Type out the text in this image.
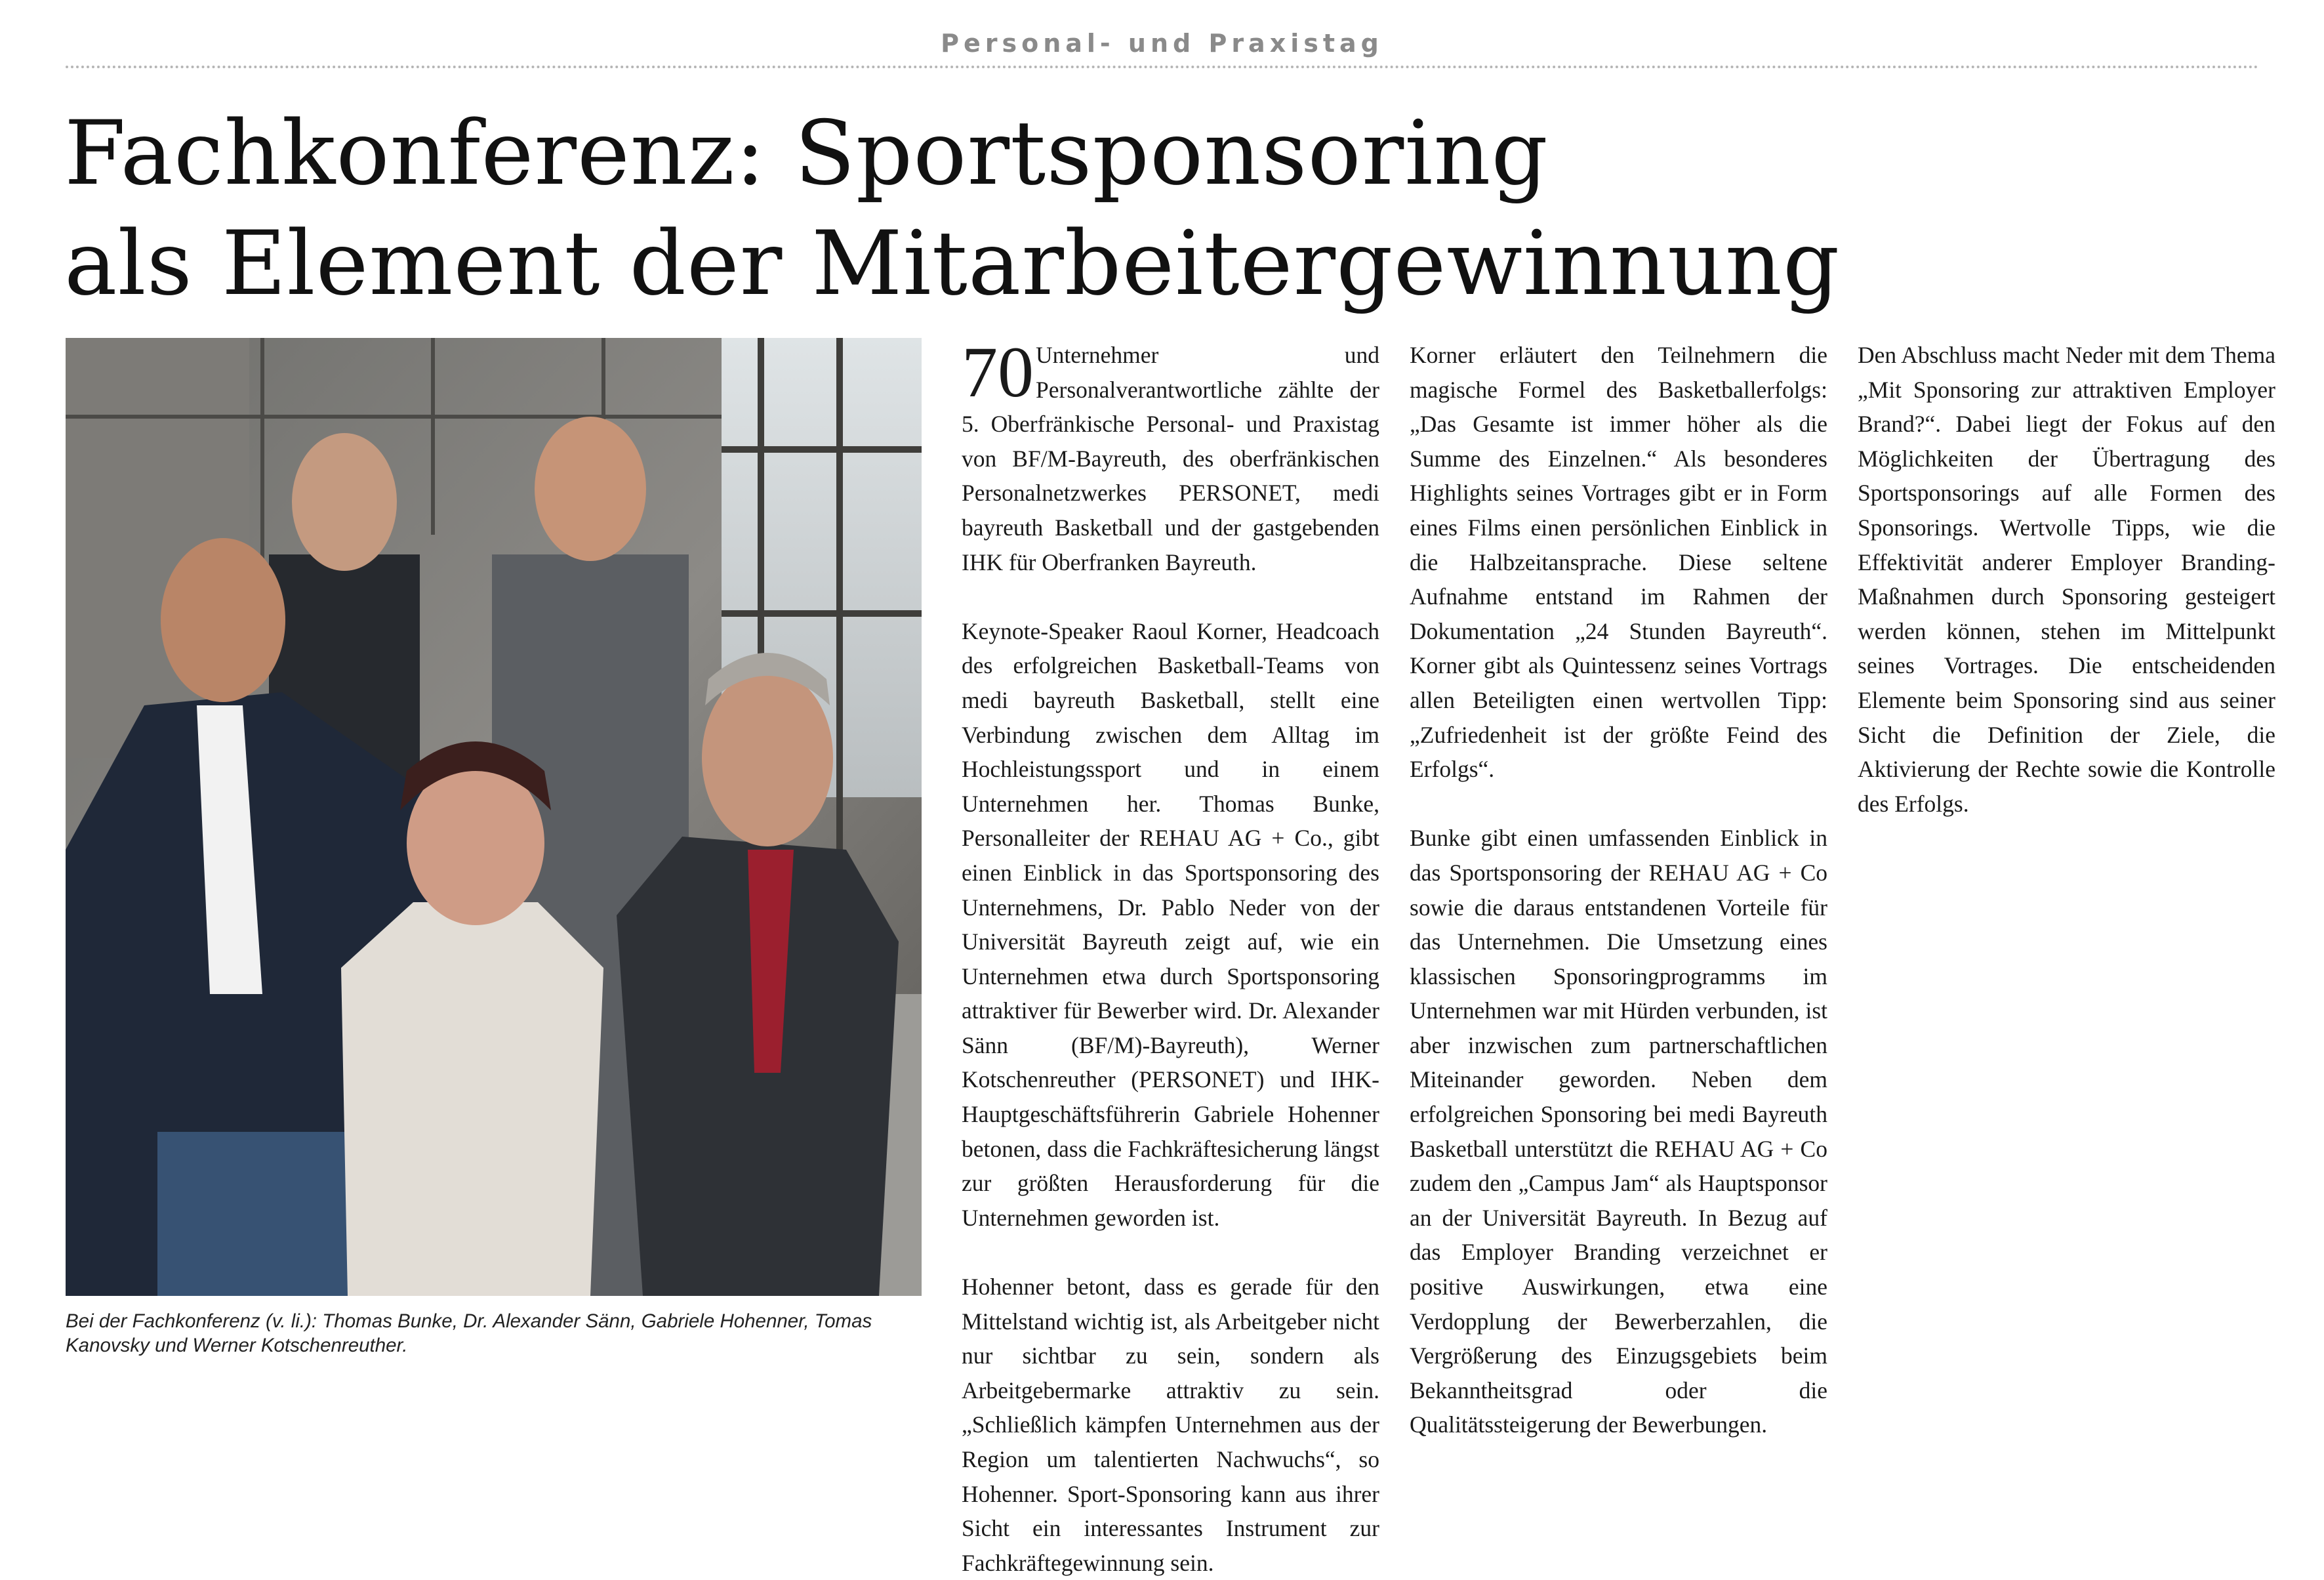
Personal- und Praxistag
Fachkonferenz: Sportsponsoring
als Element der Mitarbeitergewinnung

Bei der Fachkonferenz (v. li.): Thomas Bunke, Dr. Alexander Sänn, Gabriele Hohenner, Tomas Kanovsky und Werner Kotschenreuther.

70 Unternehmer und Personalverantwortliche zählte der 5. Oberfränkische Personal- und Praxistag von BF/M-Bayreuth, des oberfränkischen Personalnetzwerkes PERSONET, medi bayreuth Basketball und der gastgebenden IHK für Oberfranken Bayreuth.

Keynote-Speaker Raoul Korner, Headcoach des erfolgreichen Basketball-Teams von medi bayreuth Basketball, stellt eine Verbindung zwischen dem Alltag im Hochleistungssport und in einem Unternehmen her. Thomas Bunke, Personalleiter der REHAU AG + Co., gibt einen Einblick in das Sportsponsoring des Unternehmens, Dr. Pablo Neder von der Universität Bayreuth zeigt auf, wie ein Unternehmen etwa durch Sportsponsoring attraktiver für Bewerber wird. Dr. Alexander Sänn (BF/M)-Bayreuth), Werner Kotschenreuther (PERSONET) und IHK-Hauptgeschäftsführerin Gabriele Hohenner betonen, dass die Fachkräftesicherung längst zur größten Herausforderung für die Unternehmen geworden ist.

Hohenner betont, dass es gerade für den Mittelstand wichtig ist, als Arbeitgeber nicht nur sichtbar zu sein, sondern als Arbeitgebermarke attraktiv zu sein. „Schließlich kämpfen Unternehmen aus der Region um talentierten Nachwuchs“, so Hohenner. Sport-Sponsoring kann aus ihrer Sicht ein interessantes Instrument zur Fachkräftegewinnung sein.

Korner erläutert den Teilnehmern die magische Formel des Basketballerfolgs: „Das Gesamte ist immer höher als die Summe des Einzelnen.“ Als besonderes Highlights seines Vortrages gibt er in Form eines Films einen persönlichen Einblick in die Halbzeitansprache. Diese seltene Aufnahme entstand im Rahmen der Dokumentation „24 Stunden Bayreuth“. Korner gibt als Quintessenz seines Vortrags allen Beteiligten einen wertvollen Tipp: „Zufriedenheit ist der größte Feind des Erfolgs“.

Bunke gibt einen umfassenden Einblick in das Sportsponsoring der REHAU AG + Co sowie die daraus entstandenen Vorteile für das Unternehmen. Die Umsetzung eines klassischen Sponsoringprogramms im Unternehmen war mit Hürden verbunden, ist aber inzwischen zum partnerschaftlichen Miteinander geworden. Neben dem erfolgreichen Sponsoring bei medi Bayreuth Basketball unterstützt die REHAU AG + Co zudem den „Campus Jam“ als Hauptsponsor an der Universität Bayreuth. In Bezug auf das Employer Branding verzeichnet er positive Auswirkungen, etwa eine Verdopplung der Bewerberzahlen, die Vergrößerung des Einzugsgebiets beim Bekanntheitsgrad oder die Qualitätssteigerung der Bewerbungen.

Den Abschluss macht Neder mit dem Thema „Mit Sponsoring zur attraktiven Employer Brand?“. Dabei liegt der Fokus auf den Möglichkeiten der Übertragung des Sportsponsorings auf alle Formen des Sponsorings. Wertvolle Tipps, wie die Effektivität anderer Employer Branding-Maßnahmen durch Sponsoring gesteigert werden können, stehen im Mittelpunkt seines Vortrages. Die entscheidenden Elemente beim Sponsoring sind aus seiner Sicht die Definition der Ziele, die Aktivierung der Rechte sowie die Kontrolle des Erfolgs.
